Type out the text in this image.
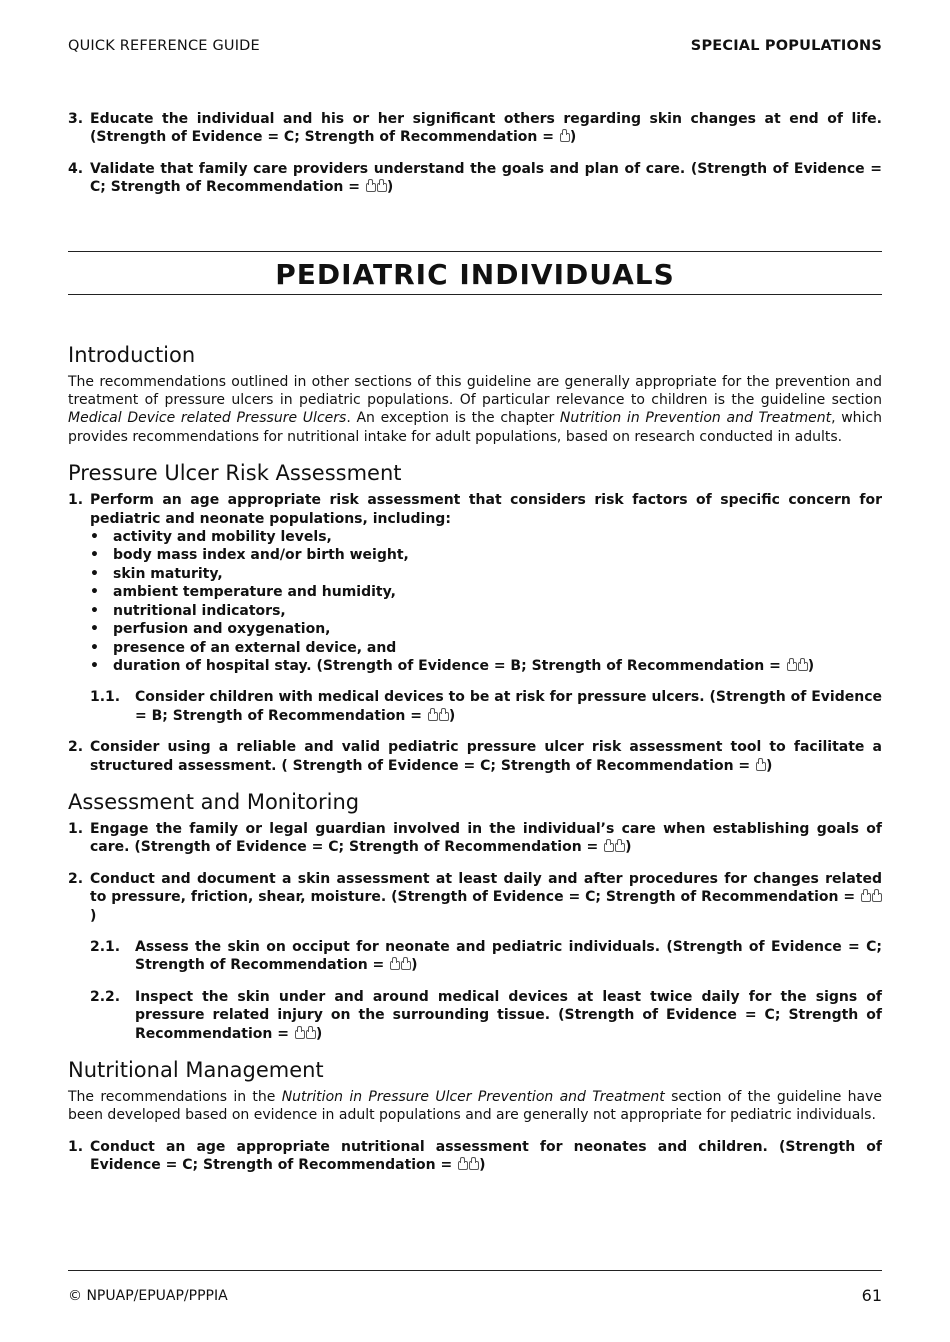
QUICK REFERENCE GUIDE	SPECIAL POPULATIONS
3. Educate the individual and his or her significant others regarding skin changes at end of life. (Strength of Evidence = C; Strength of Recommendation = )
4. Validate that family care providers understand the goals and plan of care. (Strength of Evidence = C; Strength of Recommendation = )
PEDIATRIC INDIVIDUALS
Introduction
The recommendations outlined in other sections of this guideline are generally appropriate for the prevention and treatment of pressure ulcers in pediatric populations. Of particular relevance to children is the guideline section Medical Device related Pressure Ulcers. An exception is the chapter Nutrition in Prevention and Treatment, which provides recommendations for nutritional intake for adult populations, based on research conducted in adults.
Pressure Ulcer Risk Assessment
1. Perform an age appropriate risk assessment that considers risk factors of specific concern for pediatric and neonate populations, including:
•	activity and mobility levels,
•	body mass index and/or birth weight,
•	skin maturity,
•	ambient temperature and humidity,
•	nutritional indicators,
•	perfusion and oxygenation,
•	presence of an external device, and
•	duration of hospital stay. (Strength of Evidence = B; Strength of Recommendation = )
1.1.	Consider children with medical devices to be at risk for pressure ulcers. (Strength of Evidence = B; Strength of Recommendation = )
2. Consider using a reliable and valid pediatric pressure ulcer risk assessment tool to facilitate a structured assessment. ( Strength of Evidence = C; Strength of Recommendation = )
Assessment and Monitoring
1. Engage the family or legal guardian involved in the individual’s care when establishing goals of care. (Strength of Evidence = C; Strength of Recommendation = )
2. Conduct and document a skin assessment at least daily and after procedures for changes related to pressure, friction, shear, moisture. (Strength of Evidence = C; Strength of Recommendation = )
2.1.	Assess the skin on occiput for neonate and pediatric individuals. (Strength of Evidence = C; Strength of Recommendation = )
2.2.	Inspect the skin under and around medical devices at least twice daily for the signs of pressure related injury on the surrounding tissue. (Strength of Evidence = C; Strength of Recommendation = )
Nutritional Management
The recommendations in the Nutrition in Pressure Ulcer Prevention and Treatment section of the guideline have been developed based on evidence in adult populations and are generally not appropriate for pediatric individuals.
1. Conduct an age appropriate nutritional assessment for neonates and children. (Strength of Evidence = C; Strength of Recommendation = )
© NPUAP/EPUAP/PPPIA	61
